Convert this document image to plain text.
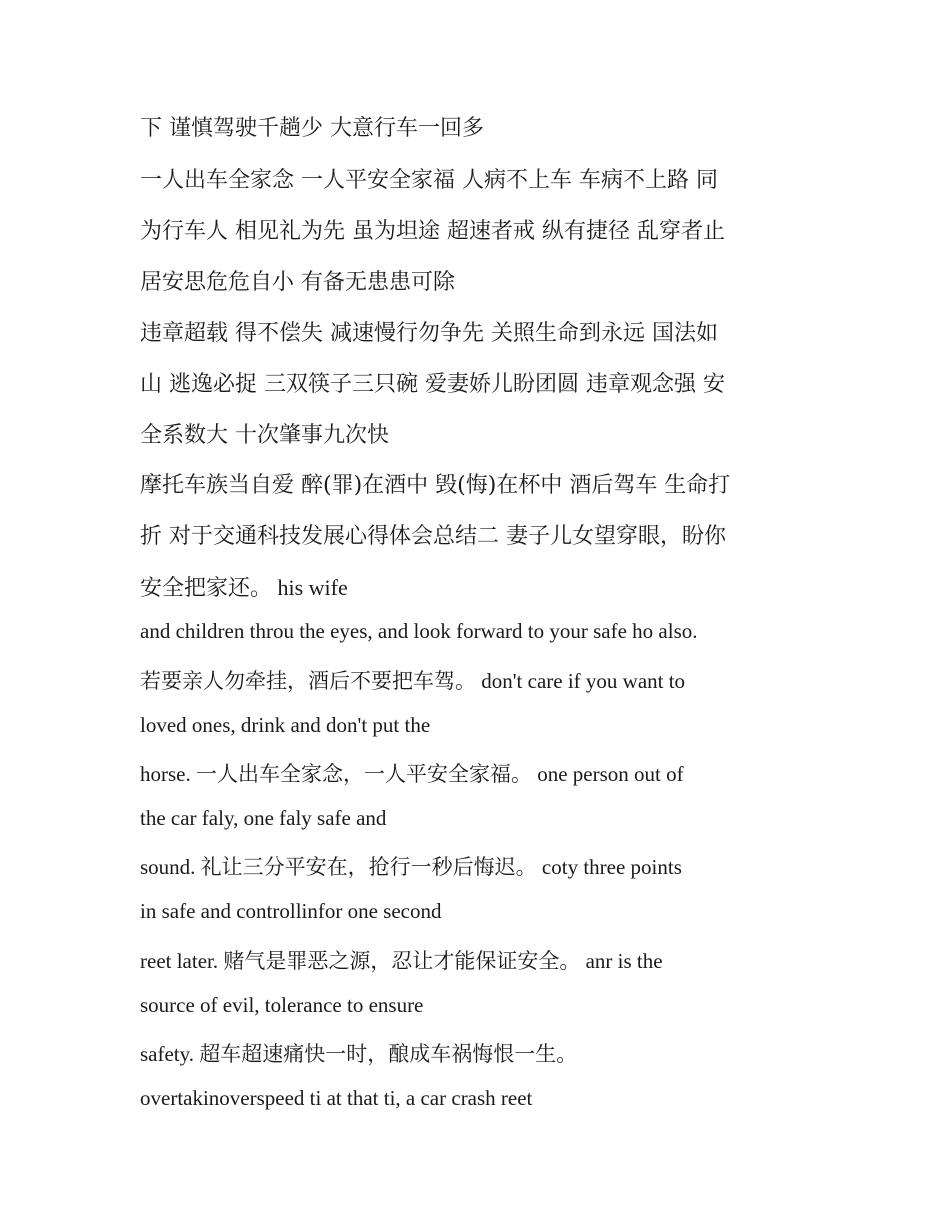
下 谨慎驾驶千趟少 大意行车一回多
一人出车全家念 一人平安全家福 人病不上车 车病不上路 同
为行车人 相见礼为先 虽为坦途 超速者戒 纵有捷径 乱穿者止
居安思危危自小 有备无患患可除
违章超载 得不偿失 减速慢行勿争先 关照生命到永远 国法如
山 逃逸必捉 三双筷子三只碗 爱妻娇儿盼团圆 违章观念强 安
全系数大 十次肇事九次快
摩托车族当自爱 醉(罪)在酒中 毁(悔)在杯中 酒后驾车 生命打
折 对于交通科技发展心得体会总结二 妻子儿女望穿眼，盼你
安全把家还。 his wife
and children throu the eyes, and look forward to your safe ho also.
若要亲人勿牵挂，酒后不要把车驾。 don't care if you want to
loved ones, drink and don't put the
horse. 一人出车全家念，一人平安全家福。 one person out of
the car faly, one faly safe and
sound. 礼让三分平安在，抢行一秒后悔迟。 coty three points
in safe and controllinfor one second
reet later. 赌气是罪恶之源，忍让才能保证安全。 anr is the
source of evil, tolerance to ensure
safety. 超车超速痛快一时，酿成车祸悔恨一生。
overtakinoverspeed ti at that ti, a car crash reet
